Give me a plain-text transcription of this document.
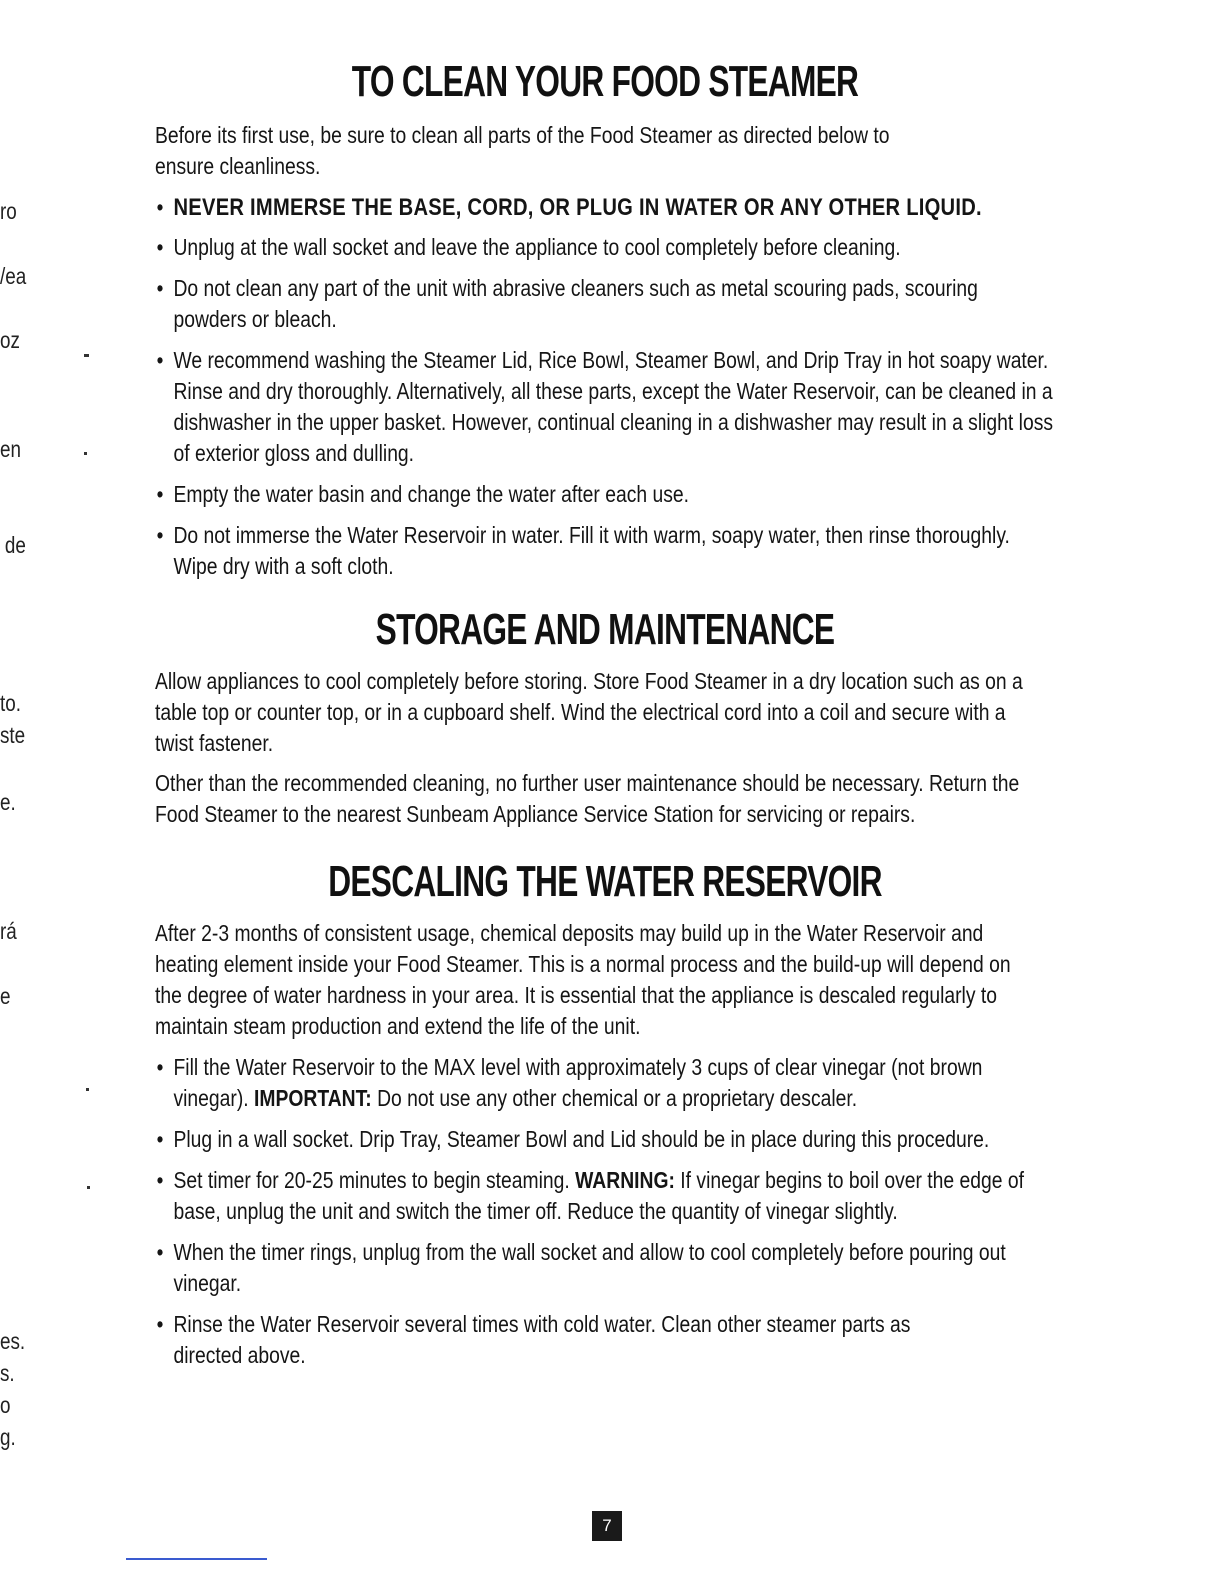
ro
/ea
oz
en
de
to.
ste
e.
rá
e
es.
s.
o
g.
TO CLEAN YOUR FOOD STEAMER

Before its first use, be sure to clean all parts of the Food Steamer as directed below to ensure cleanliness.

• NEVER IMMERSE THE BASE, CORD, OR PLUG IN WATER OR ANY OTHER LIQUID.
• Unplug at the wall socket and leave the appliance to cool completely before cleaning.
• Do not clean any part of the unit with abrasive cleaners such as metal scouring pads, scouring powders or bleach.
• We recommend washing the Steamer Lid, Rice Bowl, Steamer Bowl, and Drip Tray in hot soapy water. Rinse and dry thoroughly. Alternatively, all these parts, except the Water Reservoir, can be cleaned in a dishwasher in the upper basket. However, continual cleaning in a dishwasher may result in a slight loss of exterior gloss and dulling.
• Empty the water basin and change the water after each use.
• Do not immerse the Water Reservoir in water. Fill it with warm, soapy water, then rinse thoroughly. Wipe dry with a soft cloth.
STORAGE AND MAINTENANCE

Allow appliances to cool completely before storing. Store Food Steamer in a dry location such as on a table top or counter top, or in a cupboard shelf. Wind the electrical cord into a coil and secure with a twist fastener.

Other than the recommended cleaning, no further user maintenance should be necessary. Return the Food Steamer to the nearest Sunbeam Appliance Service Station for servicing or repairs.

DESCALING THE WATER RESERVOIR

After 2-3 months of consistent usage, chemical deposits may build up in the Water Reservoir and heating element inside your Food Steamer. This is a normal process and the build-up will depend on the degree of water hardness in your area. It is essential that the appliance is descaled regularly to maintain steam production and extend the life of the unit.

• Fill the Water Reservoir to the MAX level with approximately 3 cups of clear vinegar (not brown vinegar). IMPORTANT: Do not use any other chemical or a proprietary descaler.
• Plug in a wall socket. Drip Tray, Steamer Bowl and Lid should be in place during this procedure.
• Set timer for 20-25 minutes to begin steaming. WARNING: If vinegar begins to boil over the edge of base, unplug the unit and switch the timer off. Reduce the quantity of vinegar slightly.
• When the timer rings, unplug from the wall socket and allow to cool completely before pouring out vinegar.
• Rinse the Water Reservoir several times with cold water. Clean other steamer parts as directed above.
7
